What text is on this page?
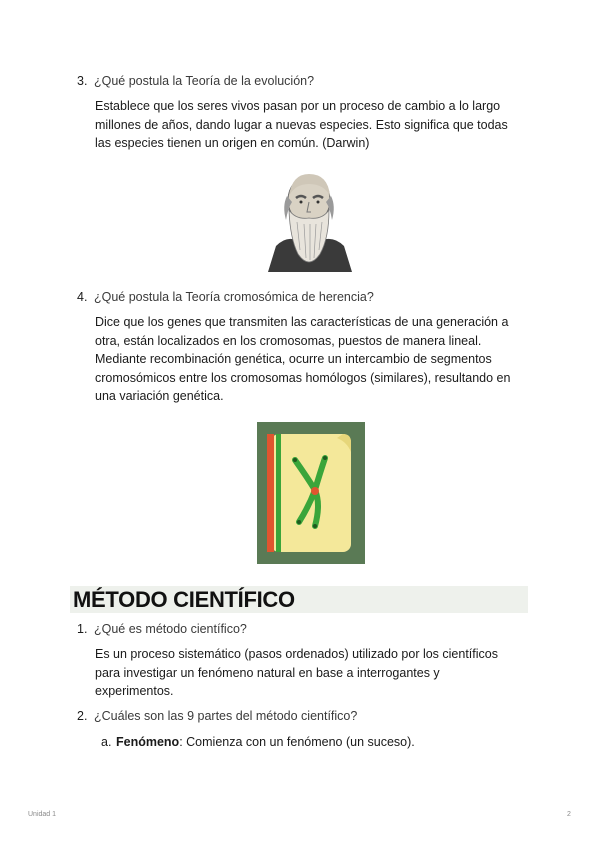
3. ¿Qué postula la Teoría de la evolución?

Establece que los seres vivos pasan por un proceso de cambio a lo largo

millones de años, dando lugar a nuevas especies. Esto significa que todas

las especies tienen un origen en común. (Darwin)

4. ¿Qué postula la Teoría cromosómica de herencia?

Dice que los genes que transmiten las características de una generación a

otra, están localizados en los cromosomas, puestos de manera lineal.

Mediante recombinación genética, ocurre un intercambio de segmentos

cromosómicos entre los cromosomas homólogos (similares), resultando en

una variación genética.

MÉTODO CIENTÍFICO
1. ¿Qué es método científico?

Es un proceso sistemático (pasos ordenados) utilizado por los científicos

para investigar un fenómeno natural en base a interrogantes y

experimentos.

2. ¿Cuáles son las 9 partes del método científico?
a. Fenómeno: Comienza con un fenómeno (un suceso).
Unidad 1	2
